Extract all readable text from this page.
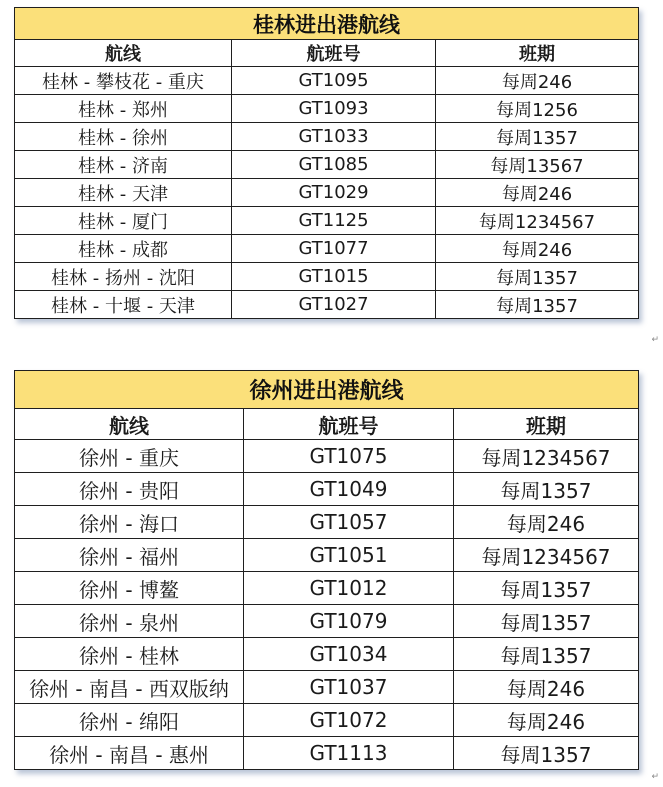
桂林进出港航线		
航线	航班号	班期
桂林 - 攀枝花 - 重庆	GT1095	每周246
桂林 - 郑州	GT1093	每周1256
桂林 - 徐州	GT1033	每周1357
桂林 - 济南	GT1085	每周13567
桂林 - 天津	GT1029	每周246
桂林 - 厦门	GT1125	每周1234567
桂林 - 成都	GT1077	每周246
桂林 - 扬州 - 沈阳	GT1015	每周1357
桂林 - 十堰 - 天津	GT1027	每周1357
↵
徐州进出港航线		
航线	航班号	班期
徐州 - 重庆	GT1075	每周1234567
徐州 - 贵阳	GT1049	每周1357
徐州 - 海口	GT1057	每周246
徐州 - 福州	GT1051	每周1234567
徐州 - 博鳌	GT1012	每周1357
徐州 - 泉州	GT1079	每周1357
徐州 - 桂林	GT1034	每周1357
徐州 - 南昌 - 西双版纳	GT1037	每周246
徐州 - 绵阳	GT1072	每周246
徐州 - 南昌 - 惠州	GT1113	每周1357
↵
